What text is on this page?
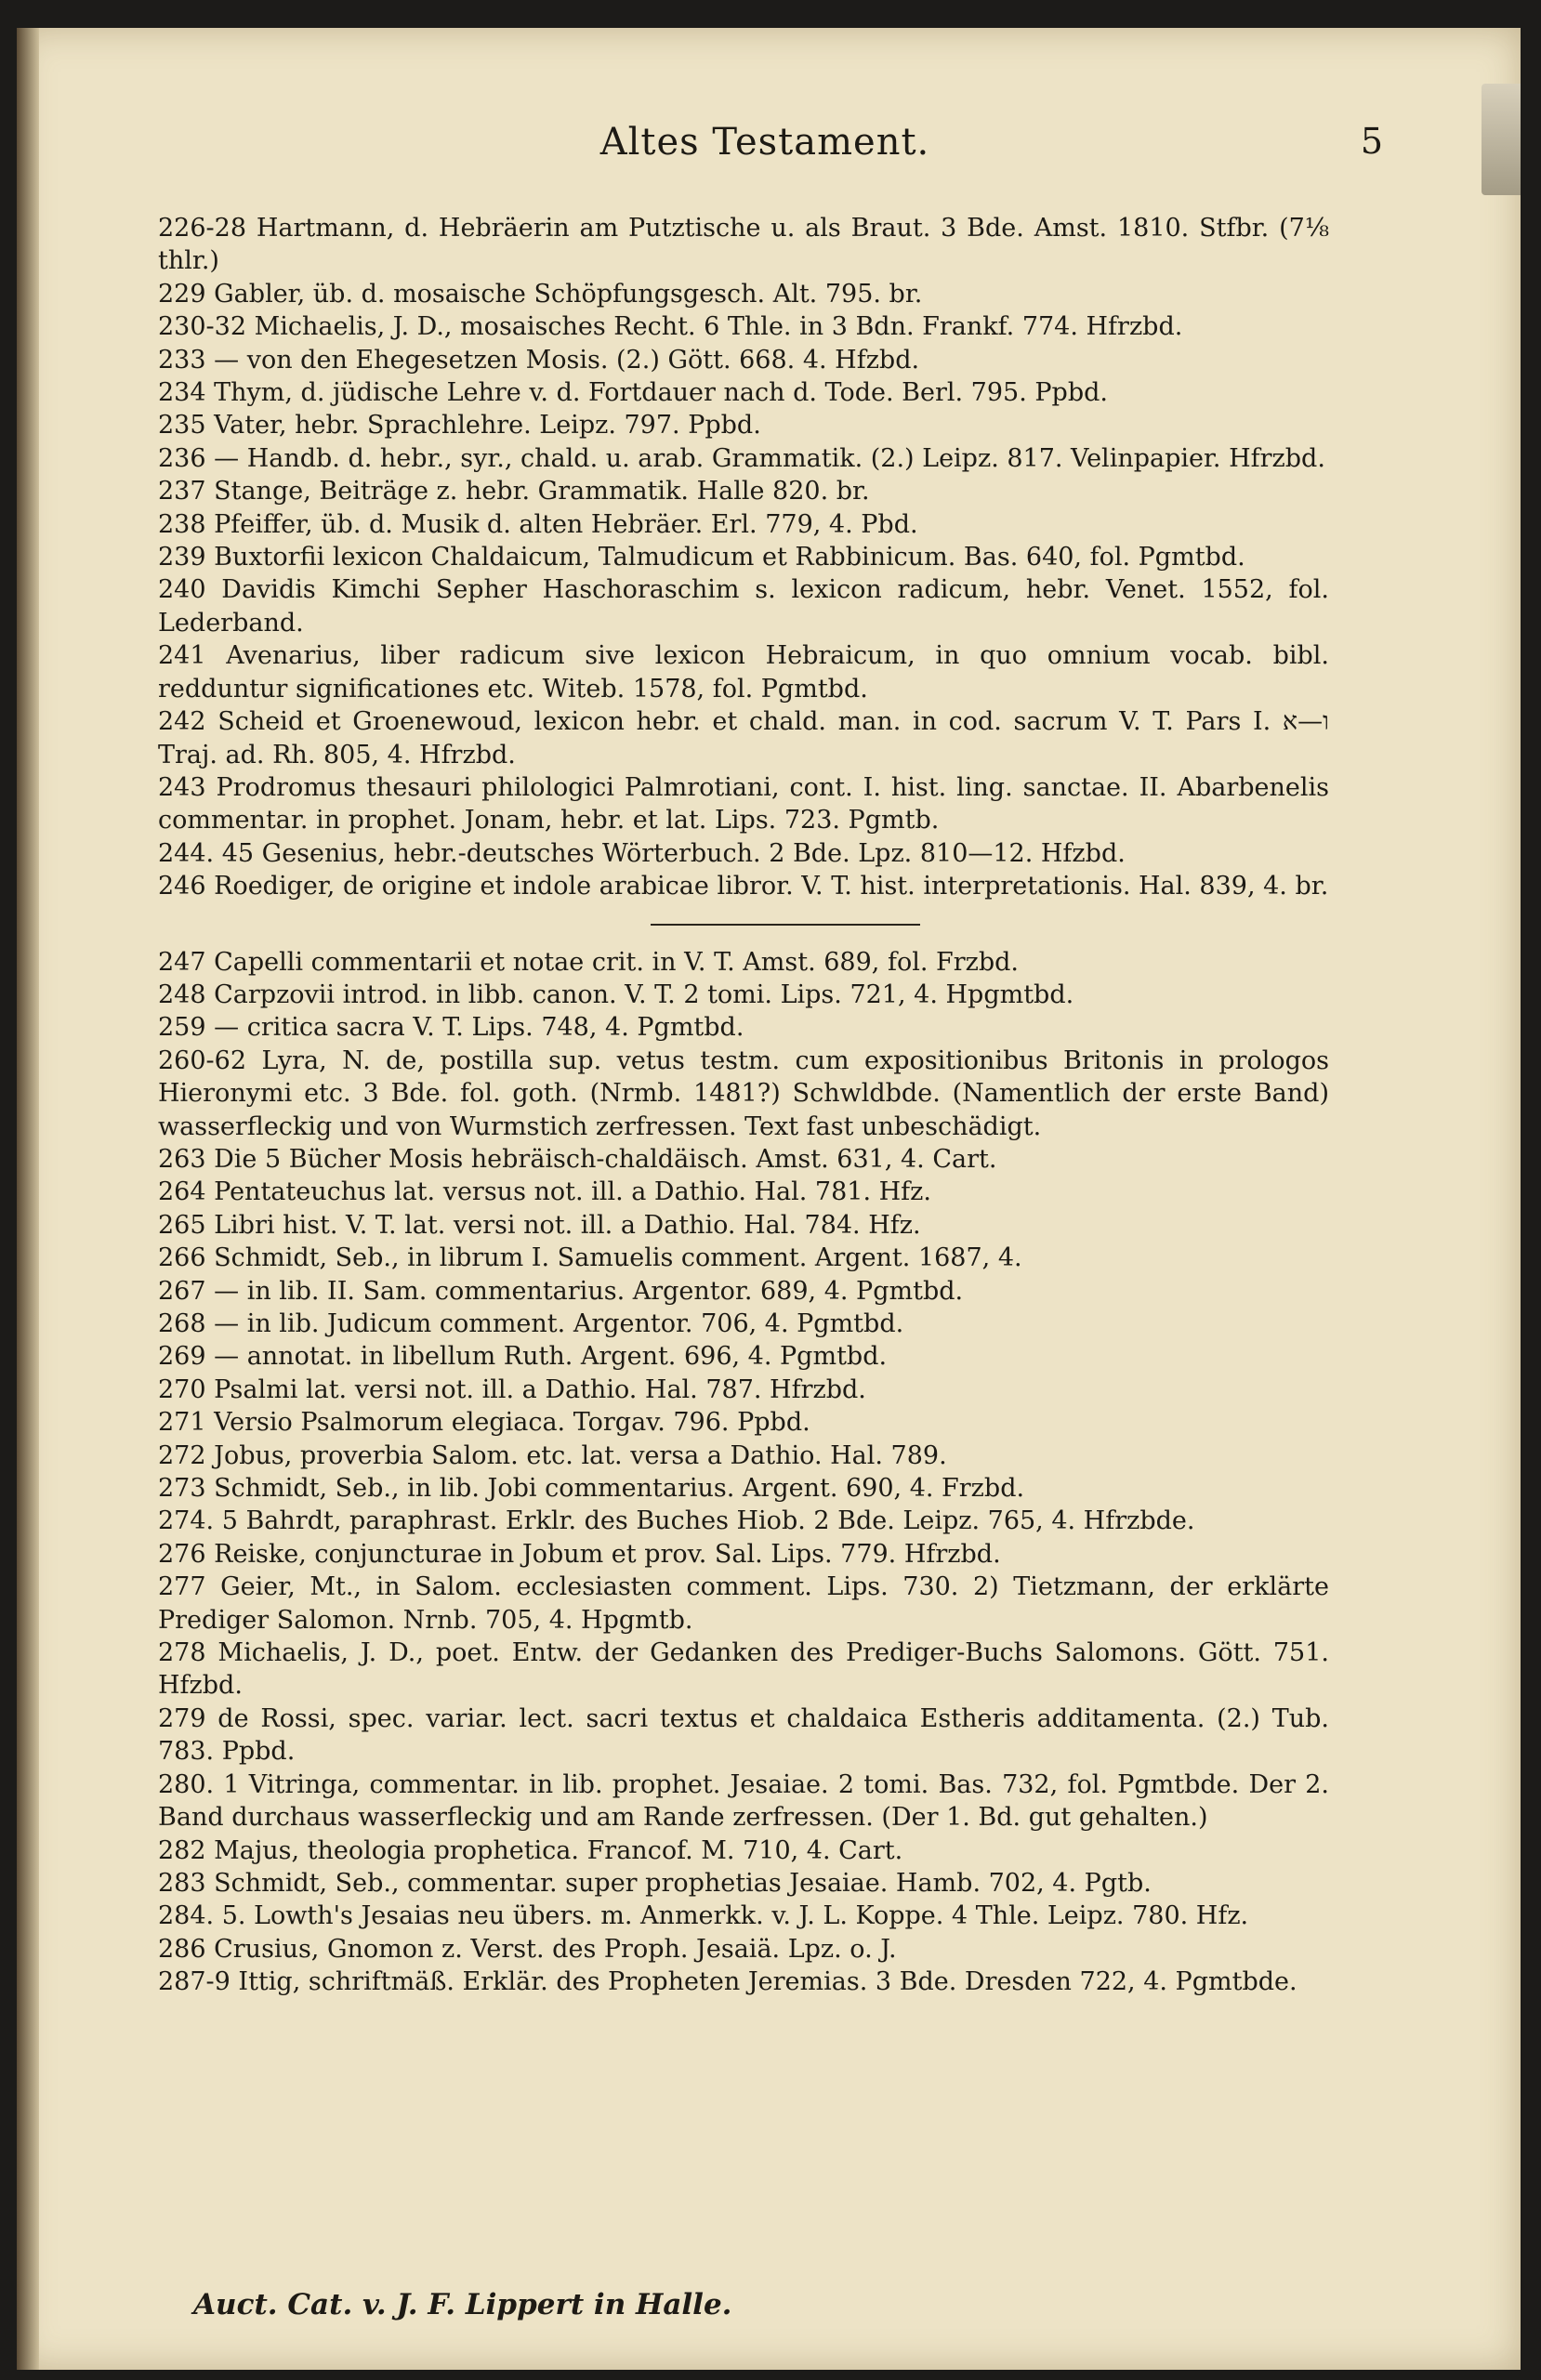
Altes Testament.	5

226-28 Hartmann, d. Hebräerin am Putztische u. als Braut. 3 Bde. Amst. 1810. Stfbr. (7⅛ thlr.)

229 Gabler, üb. d. mosaische Schöpfungsgesch. Alt. 795. br.

230-32 Michaelis, J. D., mosaisches Recht. 6 Thle. in 3 Bdn. Frankf. 774. Hfrzbd.

233 — von den Ehegesetzen Mosis. (2.) Gött. 668. 4. Hfzbd.

234 Thym, d. jüdische Lehre v. d. Fortdauer nach d. Tode. Berl. 795. Ppbd.

235 Vater, hebr. Sprachlehre. Leipz. 797. Ppbd.

236 — Handb. d. hebr., syr., chald. u. arab. Grammatik. (2.) Leipz. 817. Velinpapier. Hfrzbd.

237 Stange, Beiträge z. hebr. Grammatik. Halle 820. br.

238 Pfeiffer, üb. d. Musik d. alten Hebräer. Erl. 779, 4. Pbd.

239 Buxtorfii lexicon Chaldaicum, Talmudicum et Rabbinicum. Bas. 640, fol. Pgmtbd.

240 Davidis Kimchi Sepher Haschoraschim s. lexicon radicum, hebr. Venet. 1552, fol. Lederband.

241 Avenarius, liber radicum sive lexicon Hebraicum, in quo omnium vocab. bibl. redduntur significationes etc. Witeb. 1578, fol. Pgmtbd.

242 Scheid et Groenewoud, lexicon hebr. et chald. man. in cod. sacrum V. T. Pars I. ו—א Traj. ad. Rh. 805, 4. Hfrzbd.

243 Prodromus thesauri philologici Palmrotiani, cont. I. hist. ling. sanctae. II. Abarbenelis commentar. in prophet. Jonam, hebr. et lat. Lips. 723. Pgmtb.

244. 45 Gesenius, hebr.-deutsches Wörterbuch. 2 Bde. Lpz. 810—12. Hfzbd.

246 Roediger, de origine et indole arabicae libror. V. T. hist. interpretationis. Hal. 839, 4. br.

247 Capelli commentarii et notae crit. in V. T. Amst. 689, fol. Frzbd.

248 Carpzovii introd. in libb. canon. V. T. 2 tomi. Lips. 721, 4. Hpgmtbd.

259 — critica sacra V. T. Lips. 748, 4. Pgmtbd.

260-62 Lyra, N. de, postilla sup. vetus testm. cum expositionibus Britonis in prologos Hieronymi etc. 3 Bde. fol. goth. (Nrmb. 1481?) Schwldbde. (Namentlich der erste Band) wasserfleckig und von Wurmstich zerfressen. Text fast unbeschädigt.

263 Die 5 Bücher Mosis hebräisch-chaldäisch. Amst. 631, 4. Cart.

264 Pentateuchus lat. versus not. ill. a Dathio. Hal. 781. Hfz.

265 Libri hist. V. T. lat. versi not. ill. a Dathio. Hal. 784. Hfz.

266 Schmidt, Seb., in librum I. Samuelis comment. Argent. 1687, 4.

267 — in lib. II. Sam. commentarius. Argentor. 689, 4. Pgmtbd.

268 — in lib. Judicum comment. Argentor. 706, 4. Pgmtbd.

269 — annotat. in libellum Ruth. Argent. 696, 4. Pgmtbd.

270 Psalmi lat. versi not. ill. a Dathio. Hal. 787. Hfrzbd.

271 Versio Psalmorum elegiaca. Torgav. 796. Ppbd.

272 Jobus, proverbia Salom. etc. lat. versa a Dathio. Hal. 789.

273 Schmidt, Seb., in lib. Jobi commentarius. Argent. 690, 4. Frzbd.

274. 5 Bahrdt, paraphrast. Erklr. des Buches Hiob. 2 Bde. Leipz. 765, 4. Hfrzbde.

276 Reiske, conjuncturae in Jobum et prov. Sal. Lips. 779. Hfrzbd.

277 Geier, Mt., in Salom. ecclesiasten comment. Lips. 730. 2) Tietzmann, der erklärte Prediger Salomon. Nrnb. 705, 4. Hpgmtb.

278 Michaelis, J. D., poet. Entw. der Gedanken des Prediger-Buchs Salomons. Gött. 751. Hfzbd.

279 de Rossi, spec. variar. lect. sacri textus et chaldaica Estheris additamenta. (2.) Tub. 783. Ppbd.

280. 1 Vitringa, commentar. in lib. prophet. Jesaiae. 2 tomi. Bas. 732, fol. Pgmtbde. Der 2. Band durchaus wasserfleckig und am Rande zerfressen. (Der 1. Bd. gut gehalten.)

282 Majus, theologia prophetica. Francof. M. 710, 4. Cart.

283 Schmidt, Seb., commentar. super prophetias Jesaiae. Hamb. 702, 4. Pgtb.

284. 5. Lowth's Jesaias neu übers. m. Anmerkk. v. J. L. Koppe. 4 Thle. Leipz. 780. Hfz.

286 Crusius, Gnomon z. Verst. des Proph. Jesaiä. Lpz. o. J.

287-9 Ittig, schriftmäß. Erklär. des Propheten Jeremias. 3 Bde. Dresden 722, 4. Pgmtbde.

Auct. Cat. v. J. F. Lippert in Halle.
